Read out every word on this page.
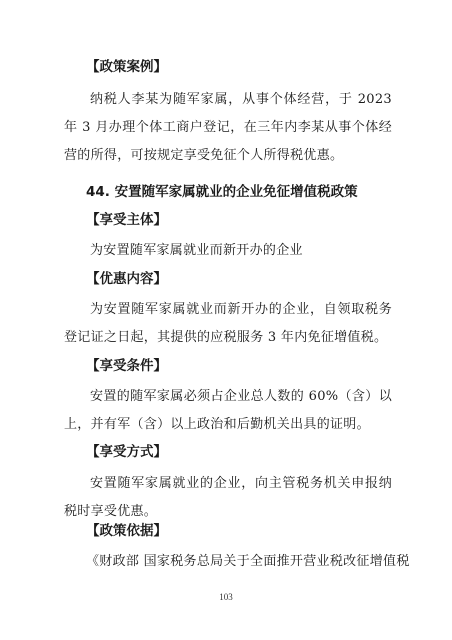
【政策案例】
纳税人李某为随军家属，从事个体经营，于 2023 年 3 月办理个体工商户登记，在三年内李某从事个体经营的所得，可按规定享受免征个人所得税优惠。
44. 安置随军家属就业的企业免征增值税政策
【享受主体】
为安置随军家属就业而新开办的企业
【优惠内容】
为安置随军家属就业而新开办的企业，自领取税务登记证之日起，其提供的应税服务 3 年内免征增值税。
【享受条件】
安置的随军家属必须占企业总人数的 60%（含）以上，并有军（含）以上政治和后勤机关出具的证明。
【享受方式】
安置随军家属就业的企业，向主管税务机关申报纳税时享受优惠。
【政策依据】
《财政部 国家税务总局关于全面推开营业税改征增值税
103
